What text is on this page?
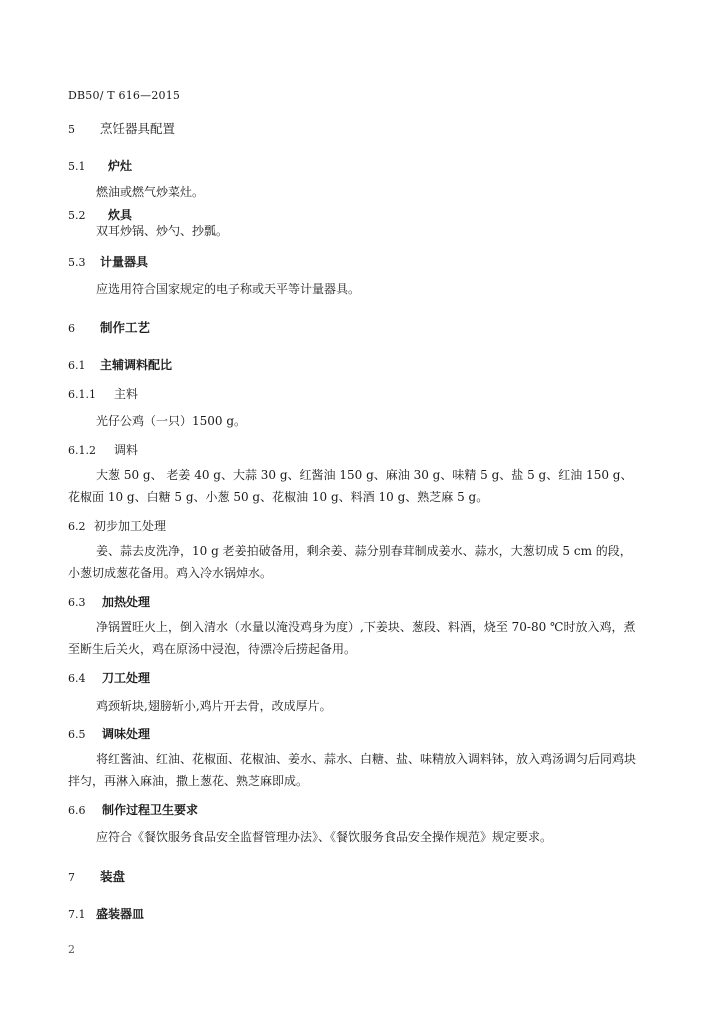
DB50/ T 616—2015
5 烹饪器具配置
5.1 炉灶
燃油或燃气炒菜灶。
5.2 炊具
双耳炒锅、炒勺、抄瓢。
5.3 计量器具
应选用符合国家规定的电子称或天平等计量器具。
6 制作工艺
6.1 主辅调料配比
6.1.1 主料
光仔公鸡（一只）1500 g。
6.1.2 调料
大葱 50 g、 老姜 40 g、大蒜 30 g、红酱油 150 g、麻油 30 g、味精 5 g、盐 5 g、红油 150 g、花椒面 10 g、白糖 5 g、小葱 50 g、花椒油 10 g、料酒 10 g、熟芝麻 5 g。
6.2 初步加工处理
姜、蒜去皮洗净，10 g 老姜拍破备用，剩余姜、蒜分别春茸制成姜水、蒜水，大葱切成 5 cm 的段，小葱切成葱花备用。鸡入冷水锅焯水。
6.3 加热处理
净锅置旺火上，倒入清水（水量以淹没鸡身为度）,下姜块、葱段、料酒，烧至 70-80 ℃时放入鸡，煮至断生后关火，鸡在原汤中浸泡，待漂冷后捞起备用。
6.4 刀工处理
鸡颈斩块,翅膀斩小,鸡片开去骨，改成厚片。
6.5 调味处理
将红酱油、红油、花椒面、花椒油、姜水、蒜水、白糖、盐、味精放入调料钵，放入鸡汤调匀后同鸡块拌匀，再淋入麻油，撒上葱花、熟芝麻即成。
6.6 制作过程卫生要求
应符合《餐饮服务食品安全监督管理办法》、《餐饮服务食品安全操作规范》规定要求。
7 装盘
7.1 盛装器皿
2
